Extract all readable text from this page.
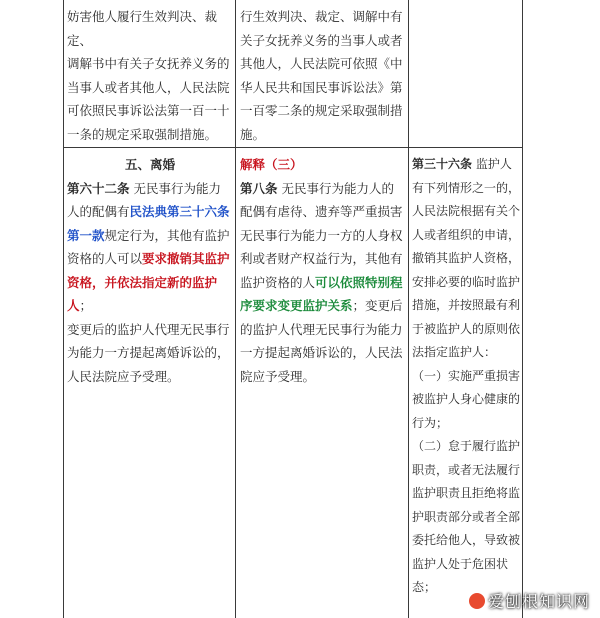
妨害他人履行生效判决、裁定、

调解书中有关子女抚养义务的

当事人或者其他人，人民法院

可依照民事诉讼法第一百一十

一条的规定采取强制措施。

行生效判决、裁定、调解中有

关子女抚养义务的当事人或者

其他人，人民法院可依照《中

华人民共和国民事诉讼法》第

一百零二条的规定采取强制措

施。

五、离婚

第六十二条 无民事行为能力

人的配偶有民法典第三十六条

第一款规定行为，其他有监护

资格的人可以要求撤销其监护

资格，并依法指定新的监护人；

变更后的监护人代理无民事行

为能力一方提起离婚诉讼的，

人民法院应予受理。

解释（三）

第八条 无民事行为能力人的

配偶有虐待、遗弃等严重损害

无民事行为能力一方的人身权

利或者财产权益行为，其他有

监护资格的人可以依照特别程

序要求变更监护关系；变更后

的监护人代理无民事行为能力

一方提起离婚诉讼的，人民法

院应予受理。

第三十六条 监护人

有下列情形之一的，

人民法院根据有关个

人或者组织的申请，

撤销其监护人资格，

安排必要的临时监护

措施，并按照最有利

于被监护人的原则依

法指定监护人：

（一）实施严重损害

被监护人身心健康的

行为；

（二）怠于履行监护

职责，或者无法履行

监护职责且拒绝将监

护职责部分或者全部

委托给他人，导致被

监护人处于危困状

态；

爱刨根知识网
